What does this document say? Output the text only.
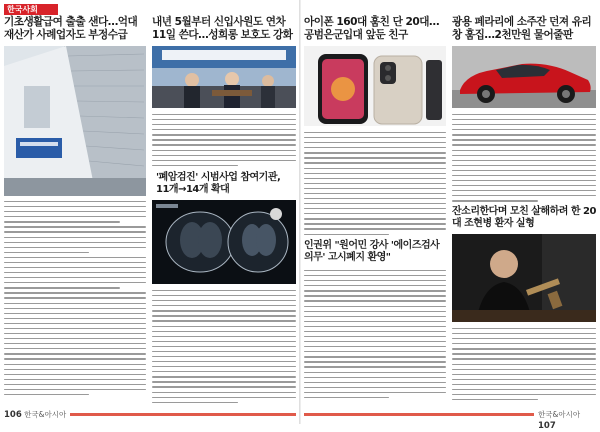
한국사회
기초생활급여 출출 샌다…억대 재산가 사례업자도 부정수급
내년 5월부터 신입사원도 연차 11일 쓴다…성희롱 보호도 강화
'폐암검진' 시범사업 참여기관, 11개→14개 확대
아이폰 160대 훔친 단 20대…공범은군입대 앞둔 친구
인권위 "원어민 강사 '에이즈검사 의무' 고시폐지 환영"
광용 페라리에 소주잔 던져 유리창 훔집…2천만원 물어줄판
잔소리한다며 모친 살해하려 한 20대 조현병 환자 실형
106 한국&아시아	한국&아시아 107
